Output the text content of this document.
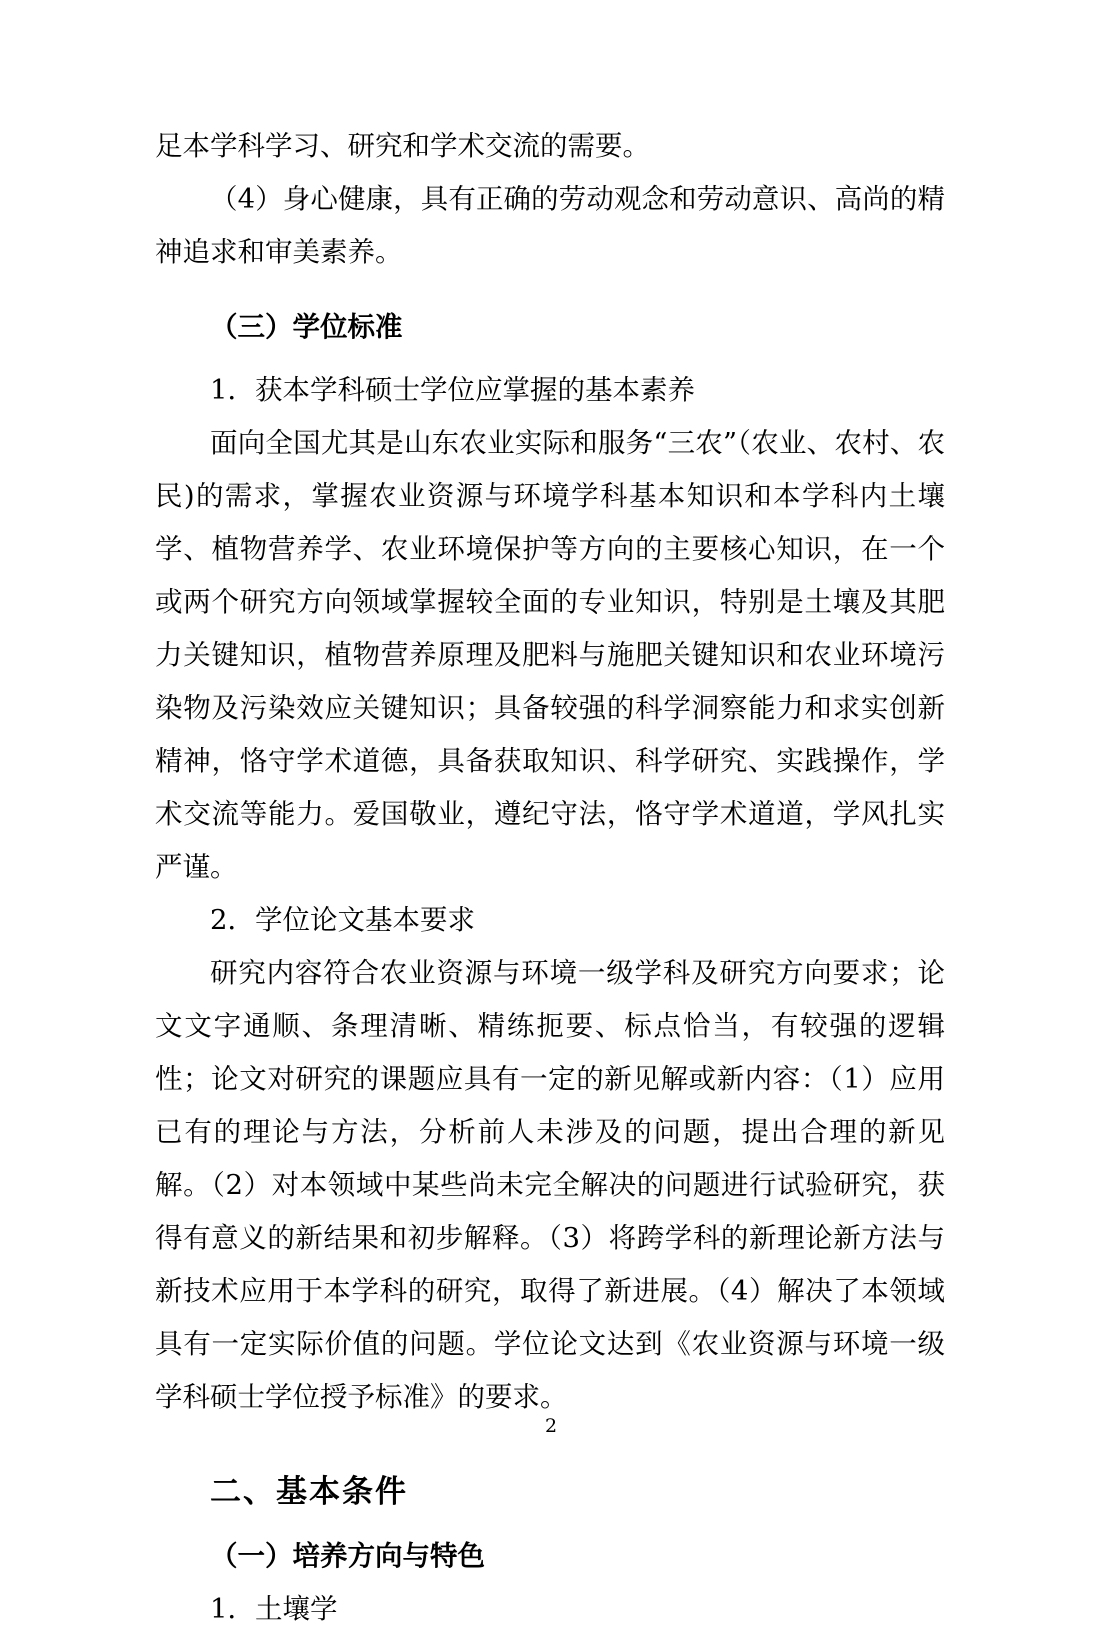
足本学科学习、研究和学术交流的需要。

（4）身心健康，具有正确的劳动观念和劳动意识、高尚的精神追求和审美素养。

（三）学位标准

1．获本学科硕士学位应掌握的基本素养

面向全国尤其是山东农业实际和服务“三农”（农业、农村、农民)的需求，掌握农业资源与环境学科基本知识和本学科内土壤学、植物营养学、农业环境保护等方向的主要核心知识，在一个或两个研究方向领域掌握较全面的专业知识，特别是土壤及其肥力关键知识，植物营养原理及肥料与施肥关键知识和农业环境污染物及污染效应关键知识；具备较强的科学洞察能力和求实创新精神，恪守学术道德，具备获取知识、科学研究、实践操作，学术交流等能力。爱国敬业，遵纪守法，恪守学术道道，学风扎实严谨。

2．学位论文基本要求

研究内容符合农业资源与环境一级学科及研究方向要求；论文文字通顺、条理清晰、精练扼要、标点恰当，有较强的逻辑性；论文对研究的课题应具有一定的新见解或新内容：（1）应用已有的理论与方法，分析前人未涉及的问题，提出合理的新见解。（2）对本领域中某些尚未完全解决的问题进行试验研究，获得有意义的新结果和初步解释。（3）将跨学科的新理论新方法与新技术应用于本学科的研究，取得了新进展。（4）解决了本领域具有一定实际价值的问题。学位论文达到《农业资源与环境一级学科硕士学位授予标准》的要求。

二、基本条件

（一）培养方向与特色

1．土壤学

2
